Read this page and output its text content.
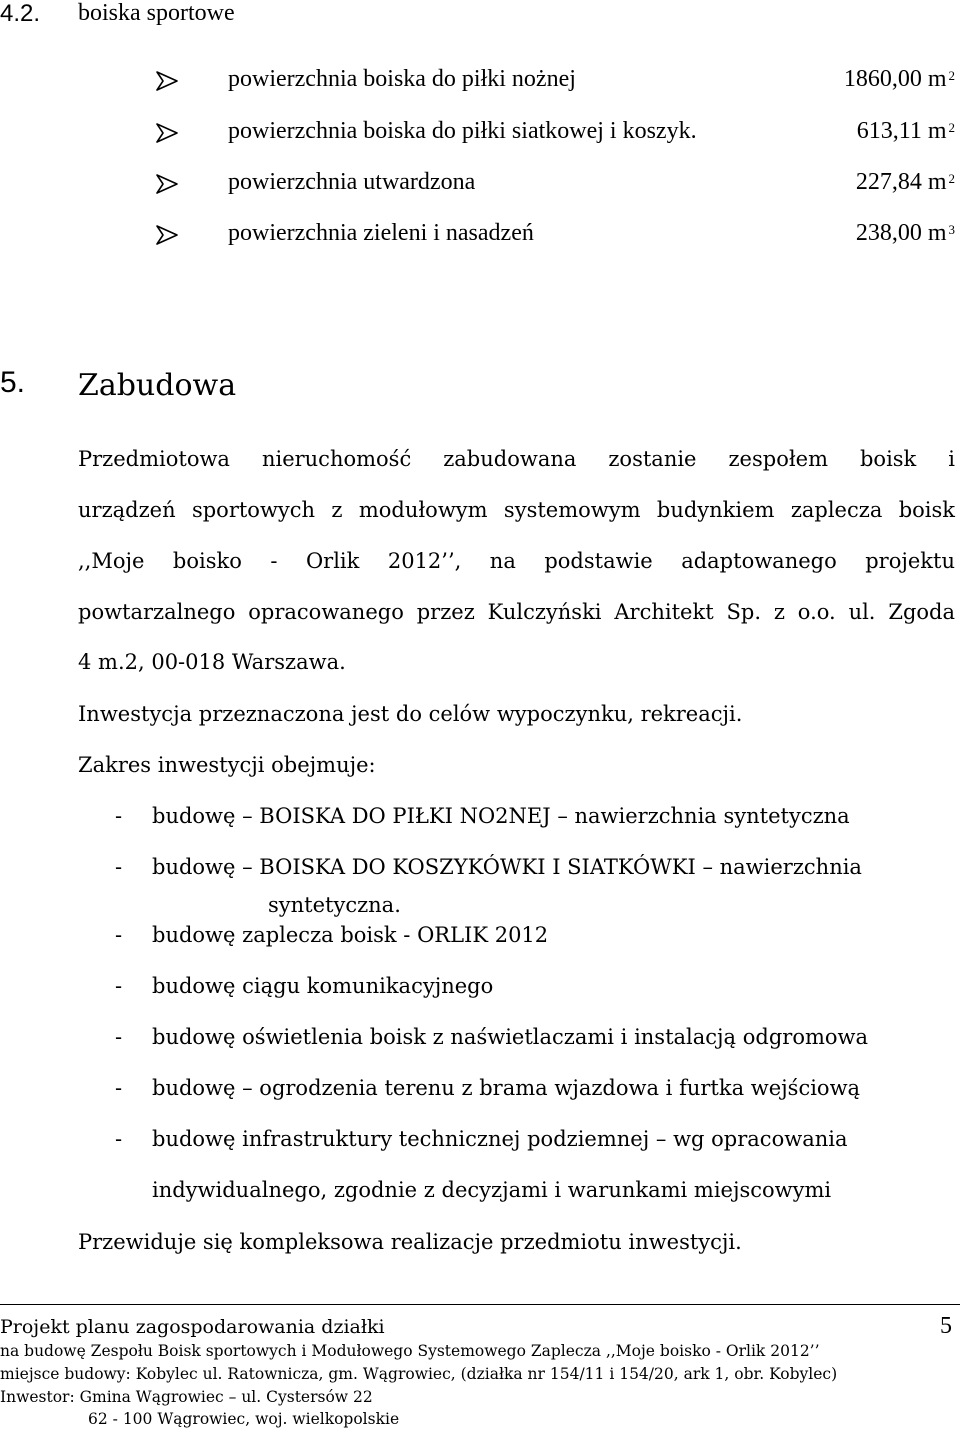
4.2. boiska sportowe
powierzchnia boiska do piłki nożnej	1860,00 m $^2$
powierzchnia boiska do piłki siatkowej i koszyk.	613,11 m $^2$
powierzchnia utwardzona	227,84 m $^2$
powierzchnia zieleni i nasadzeń	238,00 m $^3$
5. Zabudowa
Przedmiotowa nieruchomość zabudowana zostanie zespołem boisk i
urządzeń sportowych z modułowym systemowym budynkiem zaplecza boisk
,,Moje boisko - Orlik 2012’’, na podstawie adaptowanego projektu
powtarzalnego opracowanego przez Kulczyński Architekt Sp. z o.o. ul. Zgoda
4 m.2, 00-018 Warszawa.
Inwestycja przeznaczona jest do celów wypoczynku, rekreacji.
Zakres inwestycji obejmuje:
- budowę – BOISKA DO PIŁKI NO2NEJ – nawierzchnia syntetyczna
- budowę – BOISKA DO KOSZYKÓWKI I SIATKÓWKI – nawierzchnia
syntetyczna.
- budowę zaplecza boisk - ORLIK 2012
- budowę ciągu komunikacyjnego
- budowę oświetlenia boisk z naświetlaczami i instalacją odgromowa
- budowę – ogrodzenia terenu z brama wjazdowa i furtka wejściową
- budowę infrastruktury technicznej podziemnej – wg opracowania
indywidualnego, zgodnie z decyzjami i warunkami miejscowymi
Przewiduje się kompleksowa realizacje przedmiotu inwestycji.
Projekt planu zagospodarowania działki	5
na budowę Zespołu Boisk sportowych i Modułowego Systemowego Zaplecza ,,Moje boisko - Orlik 2012’’
miejsce budowy: Kobylec ul. Ratownicza, gm. Wągrowiec, (działka nr 154/11 i 154/20, ark 1, obr. Kobylec)
Inwestor: Gmina Wągrowiec – ul. Cystersów 22
62 - 100 Wągrowiec, woj. wielkopolskie
